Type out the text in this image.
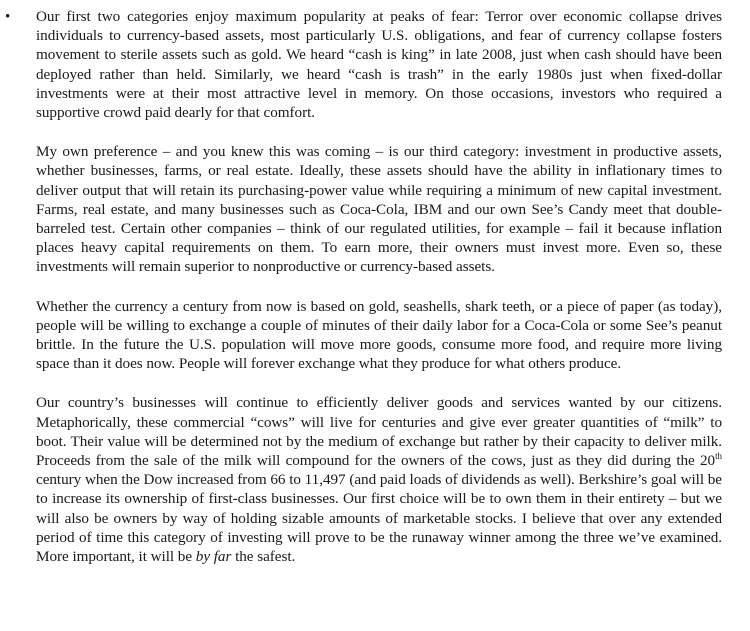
• Our first two categories enjoy maximum popularity at peaks of fear: Terror over economic collapse drives individuals to currency-based assets, most particularly U.S. obligations, and fear of currency collapse fosters movement to sterile assets such as gold. We heard “cash is king” in late 2008, just when cash should have been deployed rather than held. Similarly, we heard “cash is trash” in the early 1980s just when fixed-dollar investments were at their most attractive level in memory. On those occasions, investors who required a supportive crowd paid dearly for that comfort.

My own preference – and you knew this was coming – is our third category: investment in productive assets, whether businesses, farms, or real estate. Ideally, these assets should have the ability in inflationary times to deliver output that will retain its purchasing-power value while requiring a minimum of new capital investment. Farms, real estate, and many businesses such as Coca-Cola, IBM and our own See’s Candy meet that double-barreled test. Certain other companies – think of our regulated utilities, for example – fail it because inflation places heavy capital requirements on them. To earn more, their owners must invest more. Even so, these investments will remain superior to nonproductive or currency-based assets.

Whether the currency a century from now is based on gold, seashells, shark teeth, or a piece of paper (as today), people will be willing to exchange a couple of minutes of their daily labor for a Coca-Cola or some See’s peanut brittle. In the future the U.S. population will move more goods, consume more food, and require more living space than it does now. People will forever exchange what they produce for what others produce.

Our country’s businesses will continue to efficiently deliver goods and services wanted by our citizens. Metaphorically, these commercial “cows” will live for centuries and give ever greater quantities of “milk” to boot. Their value will be determined not by the medium of exchange but rather by their capacity to deliver milk. Proceeds from the sale of the milk will compound for the owners of the cows, just as they did during the 20th century when the Dow increased from 66 to 11,497 (and paid loads of dividends as well). Berkshire’s goal will be to increase its ownership of first-class businesses. Our first choice will be to own them in their entirety – but we will also be owners by way of holding sizable amounts of marketable stocks. I believe that over any extended period of time this category of investing will prove to be the runaway winner among the three we’ve examined. More important, it will be by far the safest.
